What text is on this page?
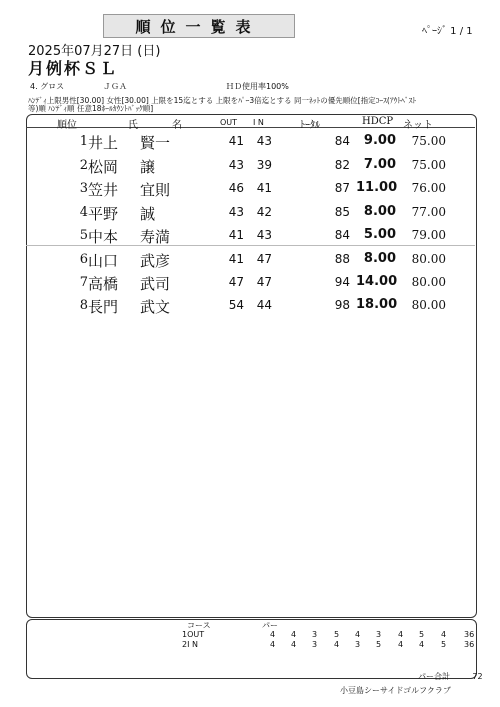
順位一覧表	ﾍﾟｰｼﾞ 1 / 1
2025年07月27日 (日)
月例杯ＳＬ
4. グロス	ＪＧＡ	ＨＤ使用率100%
ﾊﾝﾃﾞｨ上限男性[30.00] 女性[30.00] 上限を15迄とする 上限をﾊﾟｰ3倍迄とする 同一ﾈｯﾄの優先順位[指定ｺｰｽ(ｱｳﾄﾍﾞｽﾄ
等)順 ﾊﾝﾃﾞｨ順 任意18ﾎｰﾙｶｳﾝﾄﾊﾞｯｸ順]
順位	氏	名	OUT I N	ﾄｰﾀﾙ	HDCP ネット
1 井上 賢一	41	43	84	9.00	75.00
2 松岡 譲	43	39	82	7.00	75.00
3 笠井 宜則	46	41	87 11.00	76.00
4 平野 誠	43	42	85	8.00	77.00
5 中本 寿満	41	43	84	5.00	79.00
6 山口 武彦	41	47	88	8.00	80.00
7 高橋 武司	47	47	94 14.00	80.00
8 長門 武文	54	44	98 18.00	80.00
コース	パー
1OUT	4 4 3 5 4 3 4 5 4 36
2I N	4 4 3 4 3 5 4 4 5 36
パー合計	72
小豆島シーサイドゴルフクラブ
